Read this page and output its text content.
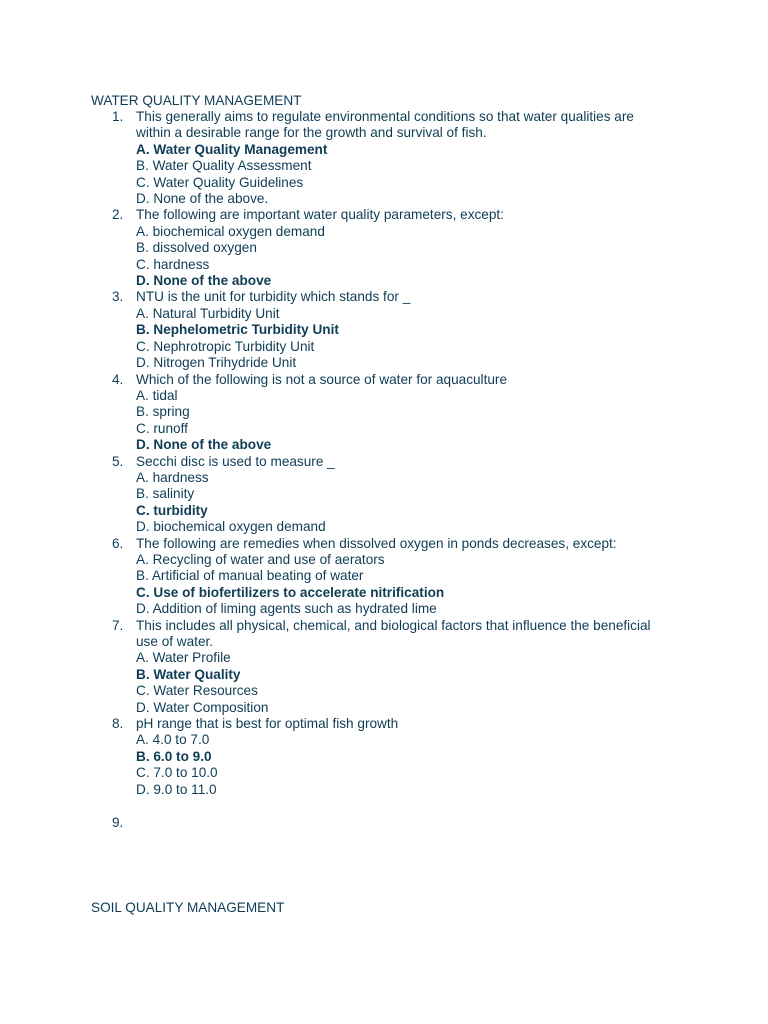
WATER QUALITY MANAGEMENT
1. This generally aims to regulate environmental conditions so that water qualities are within a desirable range for the growth and survival of fish.
A. Water Quality Management
B. Water Quality Assessment
C. Water Quality Guidelines
D. None of the above.
2. The following are important water quality parameters, except:
A. biochemical oxygen demand
B. dissolved oxygen
C. hardness
D. None of the above
3. NTU is the unit for turbidity which stands for _
A. Natural Turbidity Unit
B. Nephelometric Turbidity Unit
C. Nephrotropic Turbidity Unit
D. Nitrogen Trihydride Unit
4. Which of the following is not a source of water for aquaculture
A. tidal
B. spring
C. runoff
D. None of the above
5. Secchi disc is used to measure _
A. hardness
B. salinity
C. turbidity
D. biochemical oxygen demand
6. The following are remedies when dissolved oxygen in ponds decreases, except:
A. Recycling of water and use of aerators
B. Artificial of manual beating of water
C. Use of biofertilizers to accelerate nitrification
D. Addition of liming agents such as hydrated lime
7. This includes all physical, chemical, and biological factors that influence the beneficial use of water.
A. Water Profile
B. Water Quality
C. Water Resources
D. Water Composition
8. pH range that is best for optimal fish growth
A. 4.0 to 7.0
B. 6.0 to 9.0
C. 7.0 to 10.0
D. 9.0 to 11.0
9.
SOIL QUALITY MANAGEMENT
